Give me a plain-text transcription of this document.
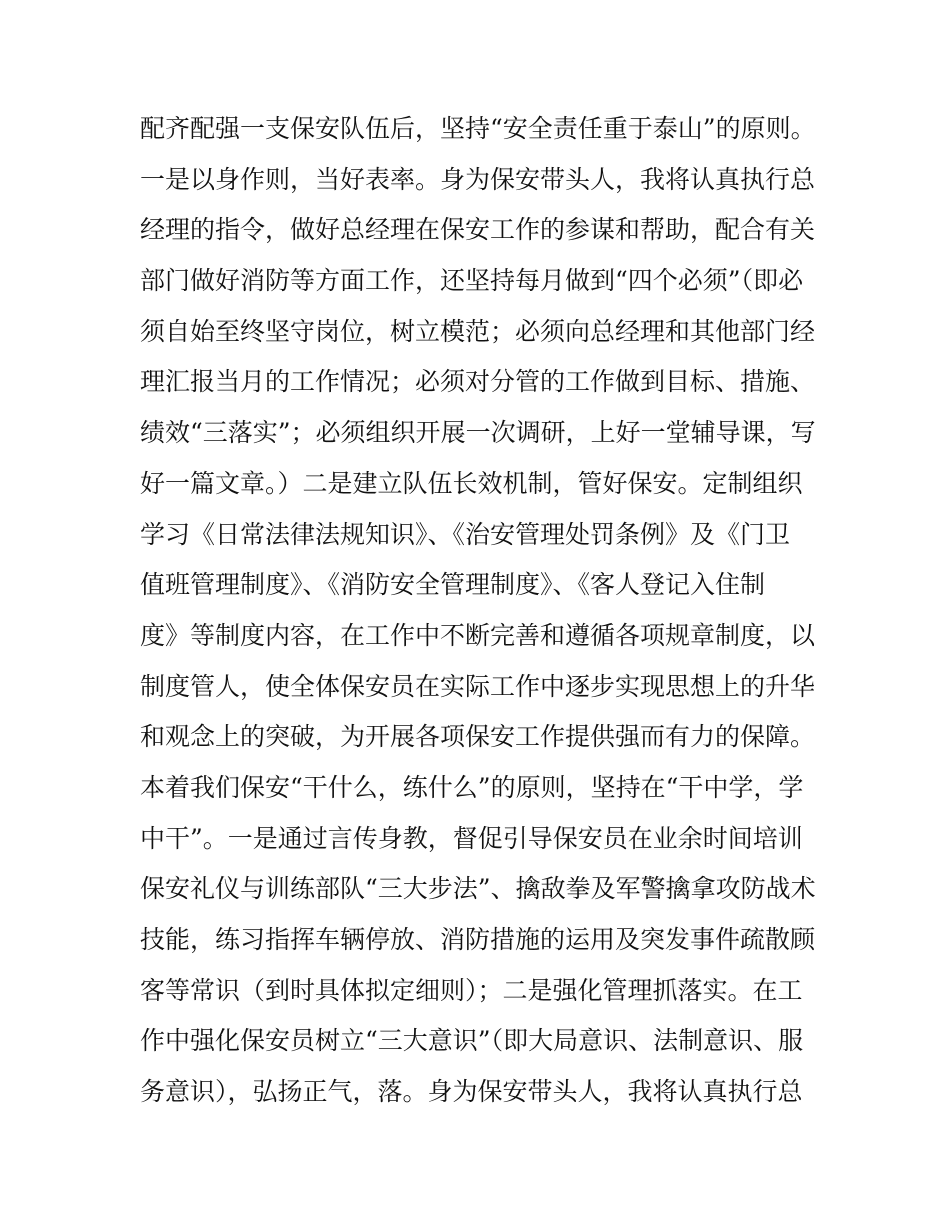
配齐配强一支保安队伍后，坚持“安全责任重于泰山”的原则。
一是以身作则，当好表率。身为保安带头人，我将认真执行总
经理的指令，做好总经理在保安工作的参谋和帮助，配合有关
部门做好消防等方面工作，还坚持每月做到“四个必须”（即必
须自始至终坚守岗位，树立模范；必须向总经理和其他部门经
理汇报当月的工作情况；必须对分管的工作做到目标、措施、
绩效“三落实”；必须组织开展一次调研，上好一堂辅导课，写
好一篇文章。）二是建立队伍长效机制，管好保安。定制组织
学习《日常法律法规知识》、《治安管理处罚条例》及《门卫
值班管理制度》、《消防安全管理制度》、《客人登记入住制
度》等制度内容，在工作中不断完善和遵循各项规章制度，以
制度管人，使全体保安员在实际工作中逐步实现思想上的升华
和观念上的突破，为开展各项保安工作提供强而有力的保障。
本着我们保安“干什么，练什么”的原则，坚持在“干中学，学
中干”。一是通过言传身教，督促引导保安员在业余时间培训
保安礼仪与训练部队“三大步法”、擒敌拳及军警擒拿攻防战术
技能，练习指挥车辆停放、消防措施的运用及突发事件疏散顾
客等常识（到时具体拟定细则）；二是强化管理抓落实。在工
作中强化保安员树立“三大意识”（即大局意识、法制意识、服
务意识），弘扬正气，落。身为保安带头人，我将认真执行总
